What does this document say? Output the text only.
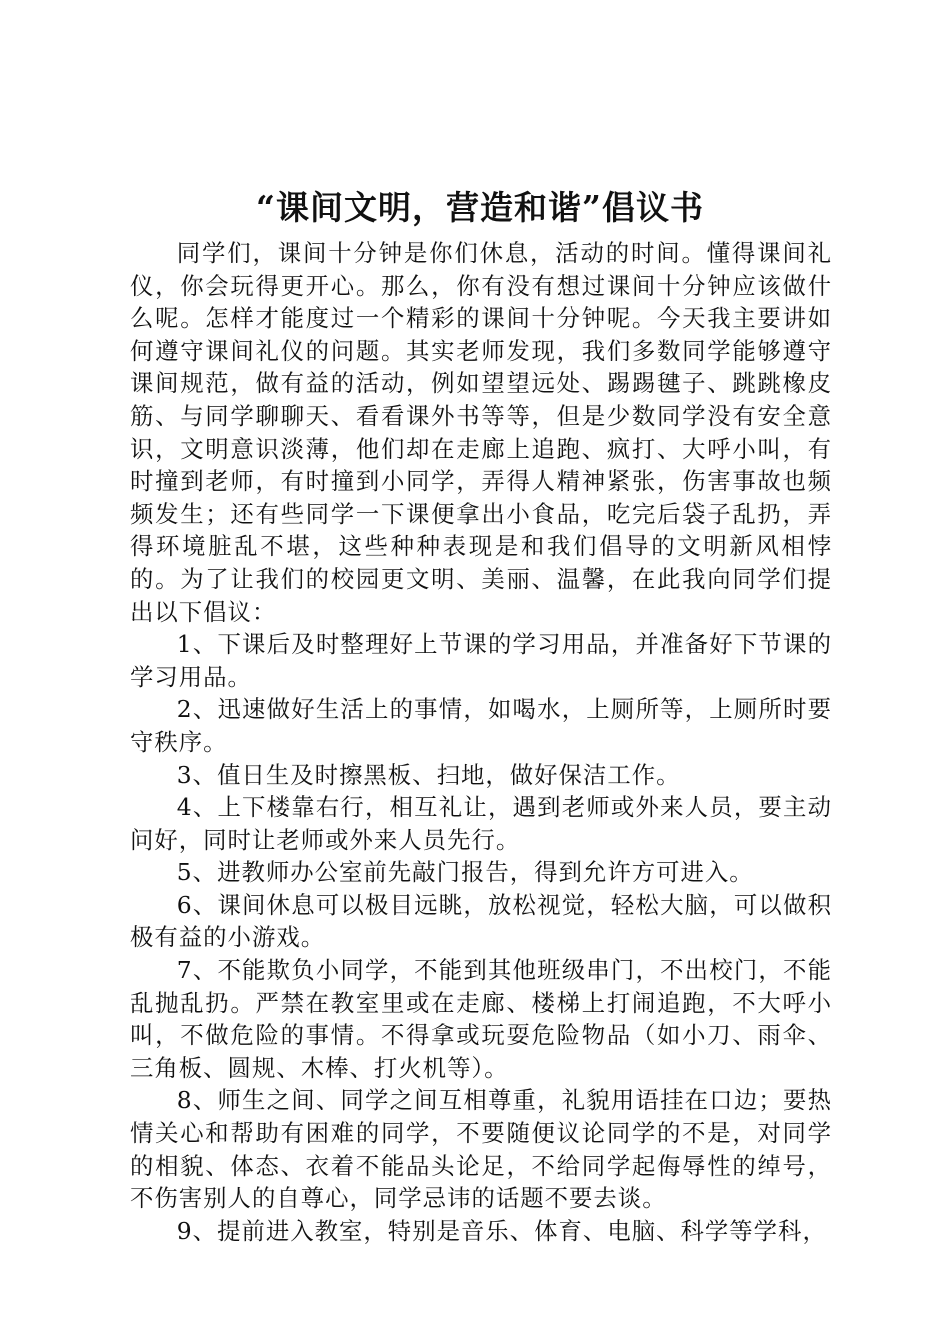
“课间文明，营造和谐”倡议书

同学们，课间十分钟是你们休息，活动的时间。懂得课间礼仪，你会玩得更开心。那么，你有没有想过课间十分钟应该做什么呢。怎样才能度过一个精彩的课间十分钟呢。今天我主要讲如何遵守课间礼仪的问题。其实老师发现，我们多数同学能够遵守课间规范，做有益的活动，例如望望远处、踢踢毽子、跳跳橡皮筋、与同学聊聊天、看看课外书等等，但是少数同学没有安全意识，文明意识淡薄，他们却在走廊上追跑、疯打、大呼小叫，有时撞到老师，有时撞到小同学，弄得人精神紧张，伤害事故也频频发生；还有些同学一下课便拿出小食品，吃完后袋子乱扔，弄得环境脏乱不堪，这些种种表现是和我们倡导的文明新风相悖的。为了让我们的校园更文明、美丽、温馨，在此我向同学们提出以下倡议：

1、下课后及时整理好上节课的学习用品，并准备好下节课的学习用品。

2、迅速做好生活上的事情，如喝水，上厕所等，上厕所时要守秩序。

3、值日生及时擦黑板、扫地，做好保洁工作。

4、上下楼靠右行，相互礼让，遇到老师或外来人员，要主动问好，同时让老师或外来人员先行。

5、进教师办公室前先敲门报告，得到允许方可进入。

6、课间休息可以极目远眺，放松视觉，轻松大脑，可以做积极有益的小游戏。

7、不能欺负小同学，不能到其他班级串门，不出校门，不能乱抛乱扔。严禁在教室里或在走廊、楼梯上打闹追跑，不大呼小叫，不做危险的事情。不得拿或玩耍危险物品（如小刀、雨伞、三角板、圆规、木棒、打火机等）。

8、师生之间、同学之间互相尊重，礼貌用语挂在口边；要热情关心和帮助有困难的同学，不要随便议论同学的不是，对同学的相貌、体态、衣着不能品头论足，不给同学起侮辱性的绰号，不伤害别人的自尊心，同学忌讳的话题不要去谈。

9、提前进入教室，特别是音乐、体育、电脑、科学等学科，
